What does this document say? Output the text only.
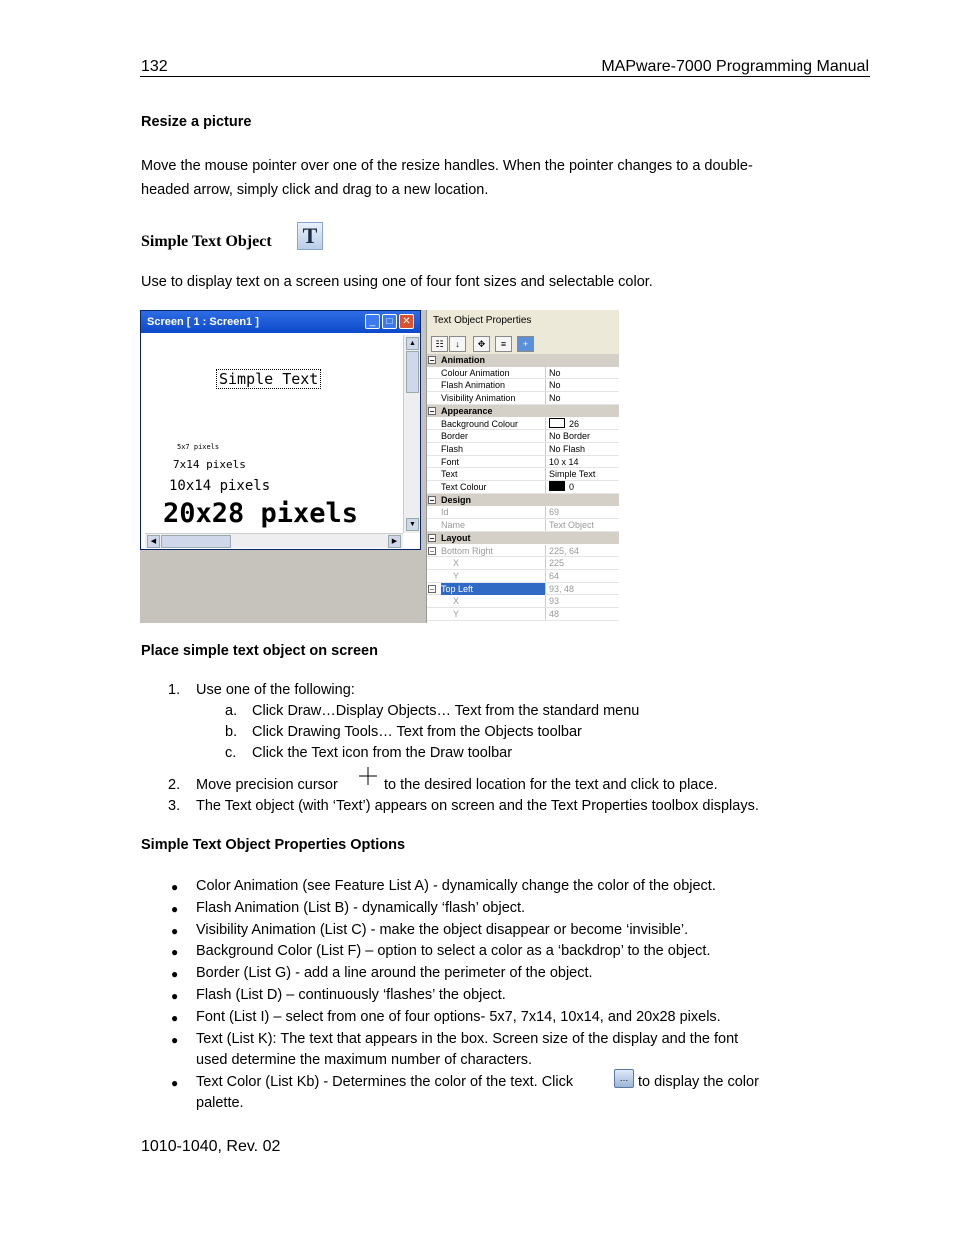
132	MAPware-7000 Programming Manual
Resize a picture
Move the mouse pointer over one of the resize handles. When the pointer changes to a double-
headed arrow, simply click and drag to a new location.
Simple Text Object T
Use to display text on a screen using one of four font sizes and selectable color.
Screen [ 1 : Screen1 ]	_	□ ✕
Simple Text
5x7 pixels
7x14 pixels
10x14 pixels
20x28 pixels
▲
▼
◀	▶
Text Object Properties
☷	↓	✥	≡	+
− Animation
Colour Animation	No
Flash Animation	No
Visibility Animation	No
− Appearance
Background Colour	26
Border	No Border
Flash	No Flash
Font	10 x 14
Text	Simple Text
Text Colour	0
− Design
Id	69
Name	Text Object
− Layout
− Bottom Right	225, 64
X	225
Y	64
− Top Left	93, 48
X	93
Y	48
Place simple text object on screen
1. Use one of the following:
a. Click Draw…Display Objects… Text from the standard menu
b. Click Drawing Tools… Text from the Objects toolbar
c. Click the Text icon from the Draw toolbar
2. Move precision cursor	to the desired location for the text and click to place.
3. The Text object (with ‘Text’) appears on screen and the Text Properties toolbox displays.
Simple Text Object Properties Options
● Color Animation (see Feature List A) - dynamically change the color of the object.
● Flash Animation (List B) - dynamically ‘flash’ object.
● Visibility Animation (List C) - make the object disappear or become ‘invisible’.
● Background Color (List F) – option to select a color as a ‘backdrop’ to the object.
● Border (List G) - add a line around the perimeter of the object.
● Flash (List D) – continuously ‘flashes’ the object.
● Font (List I) – select from one of four options- 5x7, 7x14, 10x14, and 20x28 pixels.
● Text (List K): The text that appears in the box. Screen size of the display and the font
used determine the maximum number of characters.
● Text Color (List Kb) - Determines the color of the text. Click	… to display the color
palette.
1010-1040, Rev. 02
